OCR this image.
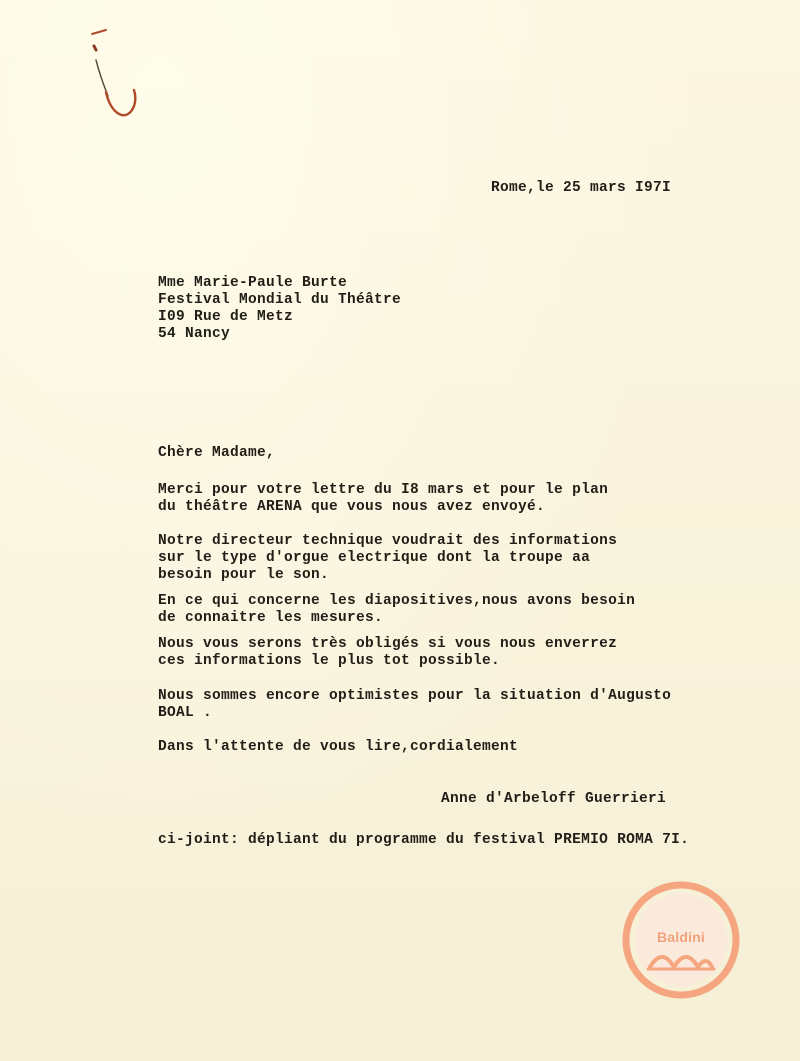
Rome,le 25 mars I97I
Mme Marie-Paule Burte
Festival Mondial du Théâtre
I09 Rue de Metz
54 Nancy
Chère Madame,
Merci pour votre lettre du I8 mars et pour le plan
du théâtre ARENA que vous nous avez envoyé.
Notre directeur technique voudrait des informations
sur le type d'orgue electrique dont la troupe aa
besoin pour le son.
En ce qui concerne les diapositives,nous avons besoin
de connaitre les mesures.
Nous vous serons très obligés si vous nous enverrez
ces informations le plus tot possible.
Nous sommes encore optimistes pour la situation d'Augusto
BOAL .
Dans l'attente de vous lire,cordialement
Anne d'Arbeloff Guerrieri
ci-joint: dépliant du programme du festival PREMIO ROMA 7I.
Baldini
